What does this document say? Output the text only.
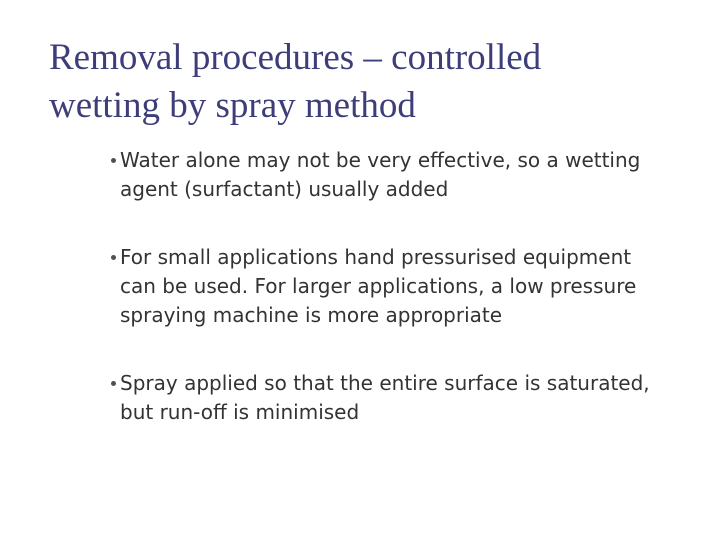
Removal procedures – controlled
wetting by spray method
Water alone may not be very effective, so a wetting
agent (surfactant) usually added
For small applications hand pressurised equipment
can be used. For larger applications, a low pressure
spraying machine is more appropriate
Spray applied so that the entire surface is saturated,
but run-off is minimised
